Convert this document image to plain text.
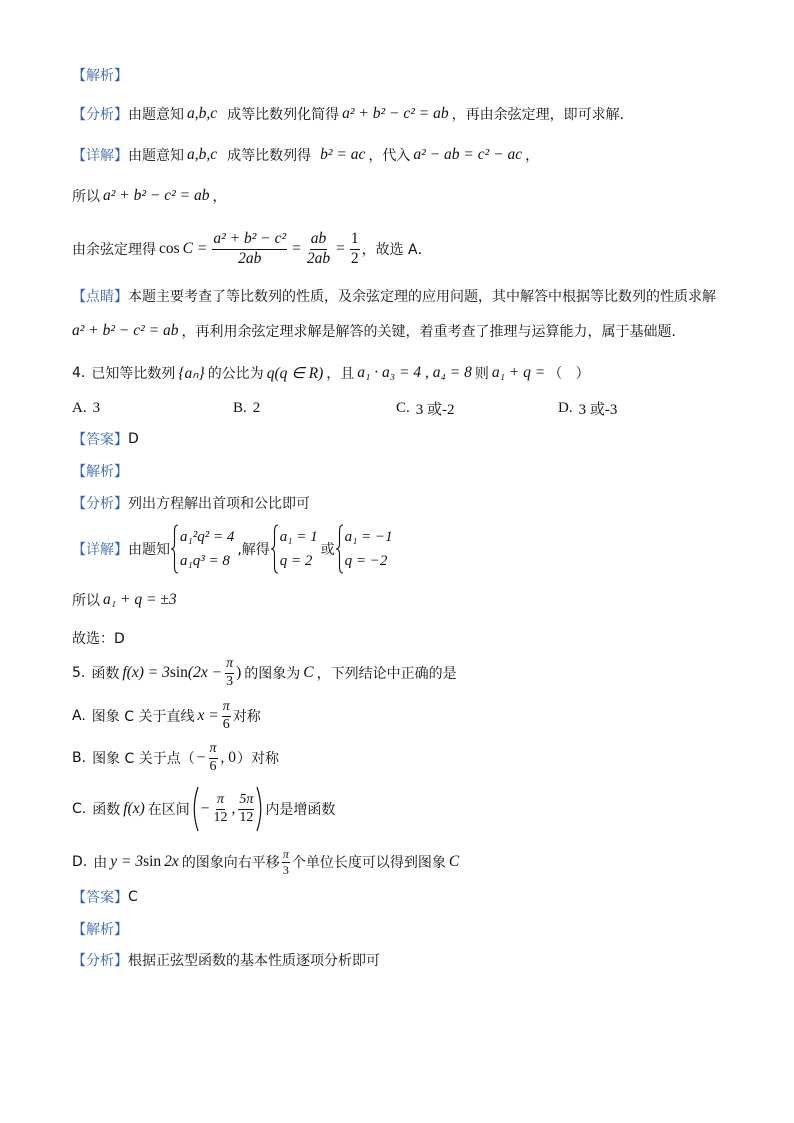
【解析】
【分析】 由题意知 a,b,c 成等比数列化简得 a² + b² − c² = ab ，再由余弦定理，即可求解．
【详解】 由题意知 a,b,c 成等比数列得 b² = ac ，代入 a² − ab = c² − ac ，
所以 a² + b² − c² = ab ，
由余弦定理得 $\cos C = \frac{\text{a² + b² − c²}}{2ab} = \frac{ab}{2ab} = \frac{1}{2}$ ，故选 A．
【点睛】 本题主要考查了等比数列的性质，及余弦定理的应用问题，其中解答中根据等比数列的性质求解
a² + b² − c² = ab ，再利用余弦定理求解是解答的关键，着重考查了推理与运算能力，属于基础题．
4. 已知等比数列 {aₙ} 的公比为 q(q ∈ R) ，且 a₁ · a₃ = 4 , a₄ = 8 则 a₁ + q = （   ）
A. 3	B. 2	C. 3 或-2	D. 3 或-3
【答案】 D
【解析】
【分析】 列出方程解出首项和公比即可
【详解】 由题知
a₁²q² = 4
a₁q³ = 8
,解得
a₁ = 1
q = 2
或
a₁ = −1
q = −2
所以 a₁ + q = ±3
故选：D
5. 函数 f(x) = 3 $\sin (2x - \frac{\pi}{3}$ ) 的图象为 C ，下列结论中正确的是
A. 图象 C 关于直线 $x = \frac{\pi}{6}$ 对称
B. 图象 C 关于点（ − $\frac{\pi}{6}$ , 0 ）对称
C. 函数 f(x) 在区间 − $\frac{\pi}{12}$ , $\frac{5\pi}{12}$ 内是增函数
D. 由 y = 3 sin 2x 的图象向右平移 $\frac{\pi}{3}$ 个单位长度可以得到图象 C
【答案】 C
【解析】
【分析】 根据正弦型函数的基本性质逐项分析即可
